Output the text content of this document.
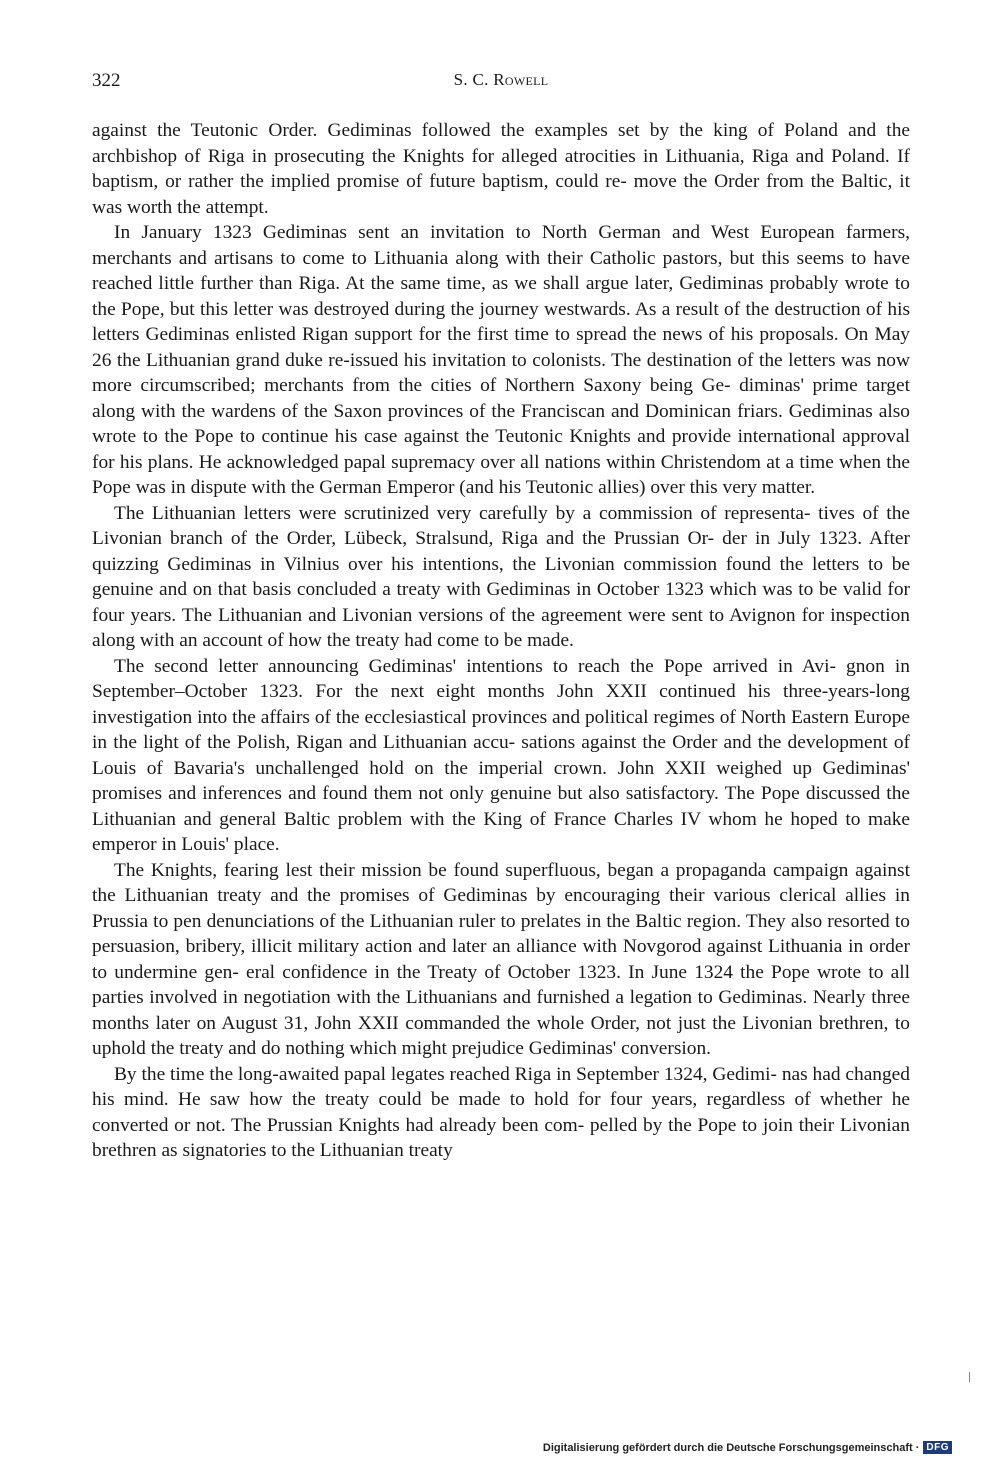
322	S. C. Rowell

against the Teutonic Order. Gediminas followed the examples set by the king of Poland and the archbishop of Riga in prosecuting the Knights for alleged atrocities in Lithuania, Riga and Poland. If baptism, or rather the implied promise of future baptism, could re- move the Order from the Baltic, it was worth the attempt.

In January 1323 Gediminas sent an invitation to North German and West European farmers, merchants and artisans to come to Lithuania along with their Catholic pastors, but this seems to have reached little further than Riga. At the same time, as we shall argue later, Gediminas probably wrote to the Pope, but this letter was destroyed during the journey westwards. As a result of the destruction of his letters Gediminas enlisted Rigan support for the first time to spread the news of his proposals. On May 26 the Lithuanian grand duke re-issued his invitation to colonists. The destination of the letters was now more circumscribed; merchants from the cities of Northern Saxony being Ge- diminas' prime target along with the wardens of the Saxon provinces of the Franciscan and Dominican friars. Gediminas also wrote to the Pope to continue his case against the Teutonic Knights and provide international approval for his plans. He acknowledged papal supremacy over all nations within Christendom at a time when the Pope was in dispute with the German Emperor (and his Teutonic allies) over this very matter.

The Lithuanian letters were scrutinized very carefully by a commission of representa- tives of the Livonian branch of the Order, Lübeck, Stralsund, Riga and the Prussian Or- der in July 1323. After quizzing Gediminas in Vilnius over his intentions, the Livonian commission found the letters to be genuine and on that basis concluded a treaty with Gediminas in October 1323 which was to be valid for four years. The Lithuanian and Livonian versions of the agreement were sent to Avignon for inspection along with an account of how the treaty had come to be made.

The second letter announcing Gediminas' intentions to reach the Pope arrived in Avi- gnon in September–October 1323. For the next eight months John XXII continued his three-years-long investigation into the affairs of the ecclesiastical provinces and political regimes of North Eastern Europe in the light of the Polish, Rigan and Lithuanian accu- sations against the Order and the development of Louis of Bavaria's unchallenged hold on the imperial crown. John XXII weighed up Gediminas' promises and inferences and found them not only genuine but also satisfactory. The Pope discussed the Lithuanian and general Baltic problem with the King of France Charles IV whom he hoped to make emperor in Louis' place.

The Knights, fearing lest their mission be found superfluous, began a propaganda campaign against the Lithuanian treaty and the promises of Gediminas by encouraging their various clerical allies in Prussia to pen denunciations of the Lithuanian ruler to prelates in the Baltic region. They also resorted to persuasion, bribery, illicit military action and later an alliance with Novgorod against Lithuania in order to undermine gen- eral confidence in the Treaty of October 1323. In June 1324 the Pope wrote to all parties involved in negotiation with the Lithuanians and furnished a legation to Gediminas. Nearly three months later on August 31, John XXII commanded the whole Order, not just the Livonian brethren, to uphold the treaty and do nothing which might prejudice Gediminas' conversion.

By the time the long-awaited papal legates reached Riga in September 1324, Gedimi- nas had changed his mind. He saw how the treaty could be made to hold for four years, regardless of whether he converted or not. The Prussian Knights had already been com- pelled by the Pope to join their Livonian brethren as signatories to the Lithuanian treaty

Digitalisierung gefördert durch die Deutsche Forschungsgemeinschaft · DFG
